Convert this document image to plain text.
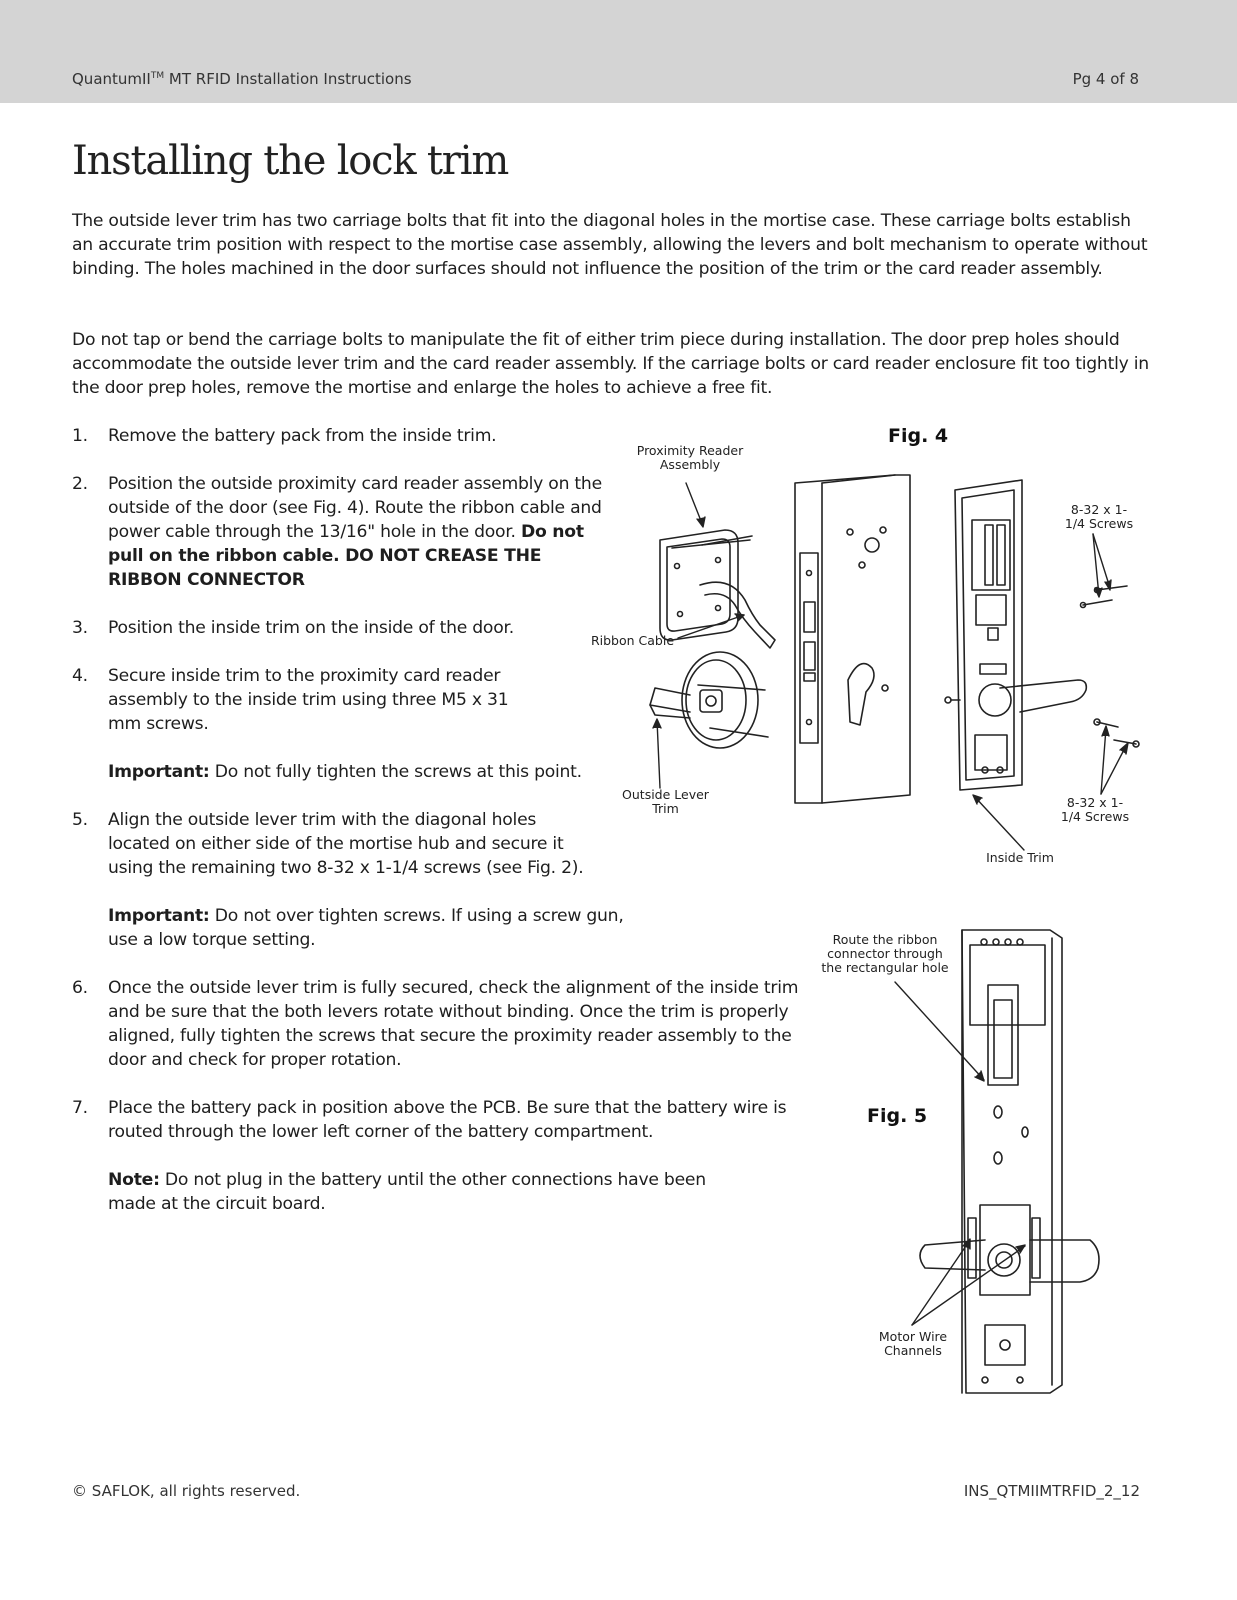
QuantumII™ MT RFID Installation Instructions	Pg 4 of 8
Installing the lock trim

The outside lever trim has two carriage bolts that fit into the diagonal holes in the mortise case. These carriage bolts establish an accurate trim position with respect to the mortise case assembly, allowing the levers and bolt mechanism to operate without binding. The holes machined in the door surfaces should not influence the position of the trim or the card reader assembly.

Do not tap or bend the carriage bolts to manipulate the fit of either trim piece during installation. The door prep holes should accommodate the outside lever trim and the card reader assembly. If the carriage bolts or card reader enclosure fit too tightly in the door prep holes, remove the mortise and enlarge the holes to achieve a free fit.

1. Remove the battery pack from the inside trim.
2. Position the outside proximity card reader assembly on the outside of the door (see Fig. 4). Route the ribbon cable and power cable through the 13/16" hole in the door. Do not pull on the ribbon cable. DO NOT CREASE THE RIBBON CONNECTOR
3. Position the inside trim on the inside of the door.
4. Secure inside trim to the proximity card reader assembly to the inside trim using three M5 x 31 mm screws.
Important: Do not fully tighten the screws at this point.
5. Align the outside lever trim with the diagonal holes located on either side of the mortise hub and secure it using the remaining two 8-32 x 1-1/4 screws (see Fig. 2).
Important: Do not over tighten screws. If using a screw gun, use a low torque setting.
6. Once the outside lever trim is fully secured, check the alignment of the inside trim and be sure that the both levers rotate without binding. Once the trim is properly aligned, fully tighten the screws that secure the proximity reader assembly to the door and check for proper rotation.
7. Place the battery pack in position above the PCB. Be sure that the battery wire is routed through the lower left corner of the battery compartment.
Note: Do not plug in the battery until the other connections have been made at the circuit board.
Fig. 4
Proximity Reader Assembly
Ribbon Cable
Outside Lever Trim
8-32 x 1-1/4 Screws
8-32 x 1-1/4 Screws
Inside Trim
Fig. 5
Route the ribbon connector through the rectangular hole
Motor Wire Channels
© SAFLOK, all rights reserved.	INS_QTMIIMTRFID_2_12
